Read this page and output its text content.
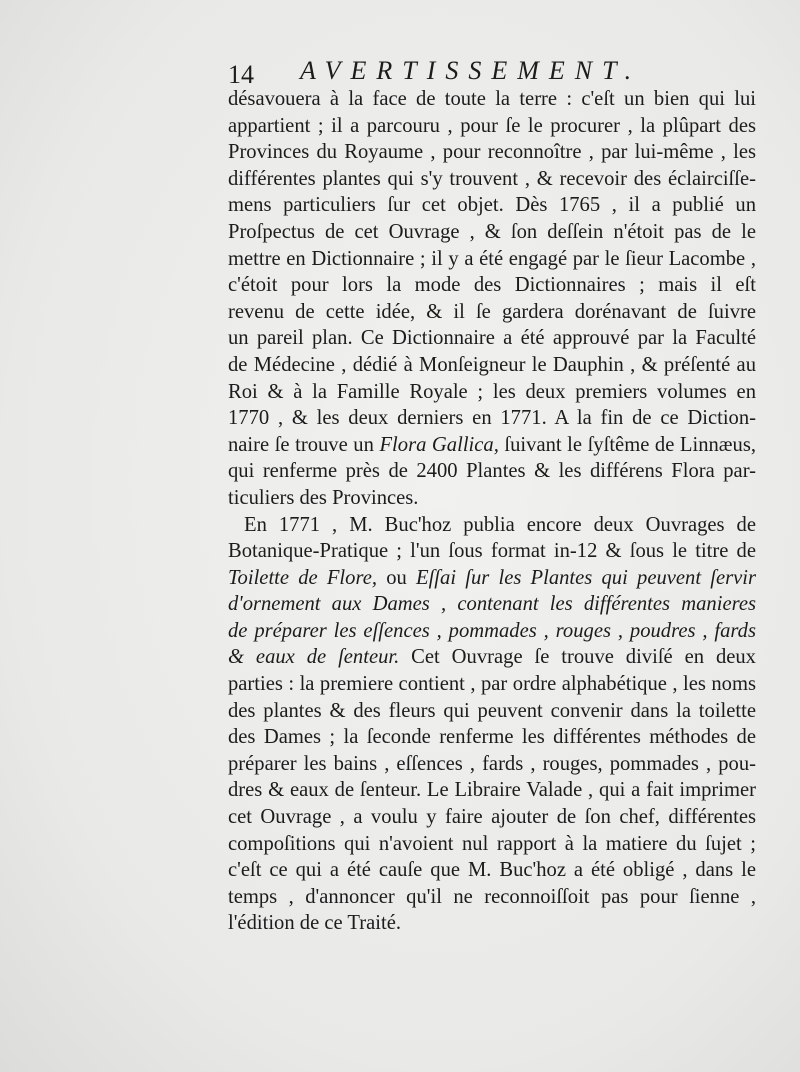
14 AVERTISSEMENT.
désavouera à la face de toute la terre : c'eſt un bien qui lui
appartient ; il a parcouru , pour ſe le procurer , la plûpart des
Provinces du Royaume , pour reconnoître , par lui-même , les
différentes plantes qui s'y trouvent , & recevoir des éclairciſſe-
mens particuliers ſur cet objet. Dès 1765 , il a publié un
Proſpectus de cet Ouvrage , & ſon deſſein n'étoit pas de le
mettre en Dictionnaire ; il y a été engagé par le ſieur Lacombe ,
c'étoit pour lors la mode des Dictionnaires ; mais il eſt
revenu de cette idée, & il ſe gardera dorénavant de ſuivre
un pareil plan. Ce Dictionnaire a été approuvé par la Faculté
de Médecine , dédié à Monſeigneur le Dauphin , & préſenté au
Roi & à la Famille Royale ; les deux premiers volumes en
1770 , & les deux derniers en 1771. A la fin de ce Diction-
naire ſe trouve un Flora Gallica, ſuivant le ſyſtême de Linnæus,
qui renferme près de 2400 Plantes & les différens Flora par-
ticuliers des Provinces.
En 1771 , M. Buc'hoz publia encore deux Ouvrages de
Botanique-Pratique ; l'un ſous format in-12 & ſous le titre de
Toilette de Flore, ou Eſſai ſur les Plantes qui peuvent ſervir
d'ornement aux Dames , contenant les différentes manieres
de préparer les eſſences , pommades , rouges , poudres , fards
& eaux de ſenteur. Cet Ouvrage ſe trouve diviſé en deux
parties : la premiere contient , par ordre alphabétique , les noms
des plantes & des fleurs qui peuvent convenir dans la toilette
des Dames ; la ſeconde renferme les différentes méthodes de
préparer les bains , eſſences , fards , rouges, pommades , pou-
dres & eaux de ſenteur. Le Libraire Valade , qui a fait imprimer
cet Ouvrage , a voulu y faire ajouter de ſon chef, différentes
compoſitions qui n'avoient nul rapport à la matiere du ſujet ;
c'eſt ce qui a été cauſe que M. Buc'hoz a été obligé , dans le
temps , d'annoncer qu'il ne reconnoiſſoit pas pour ſienne ,
l'édition de ce Traité.
